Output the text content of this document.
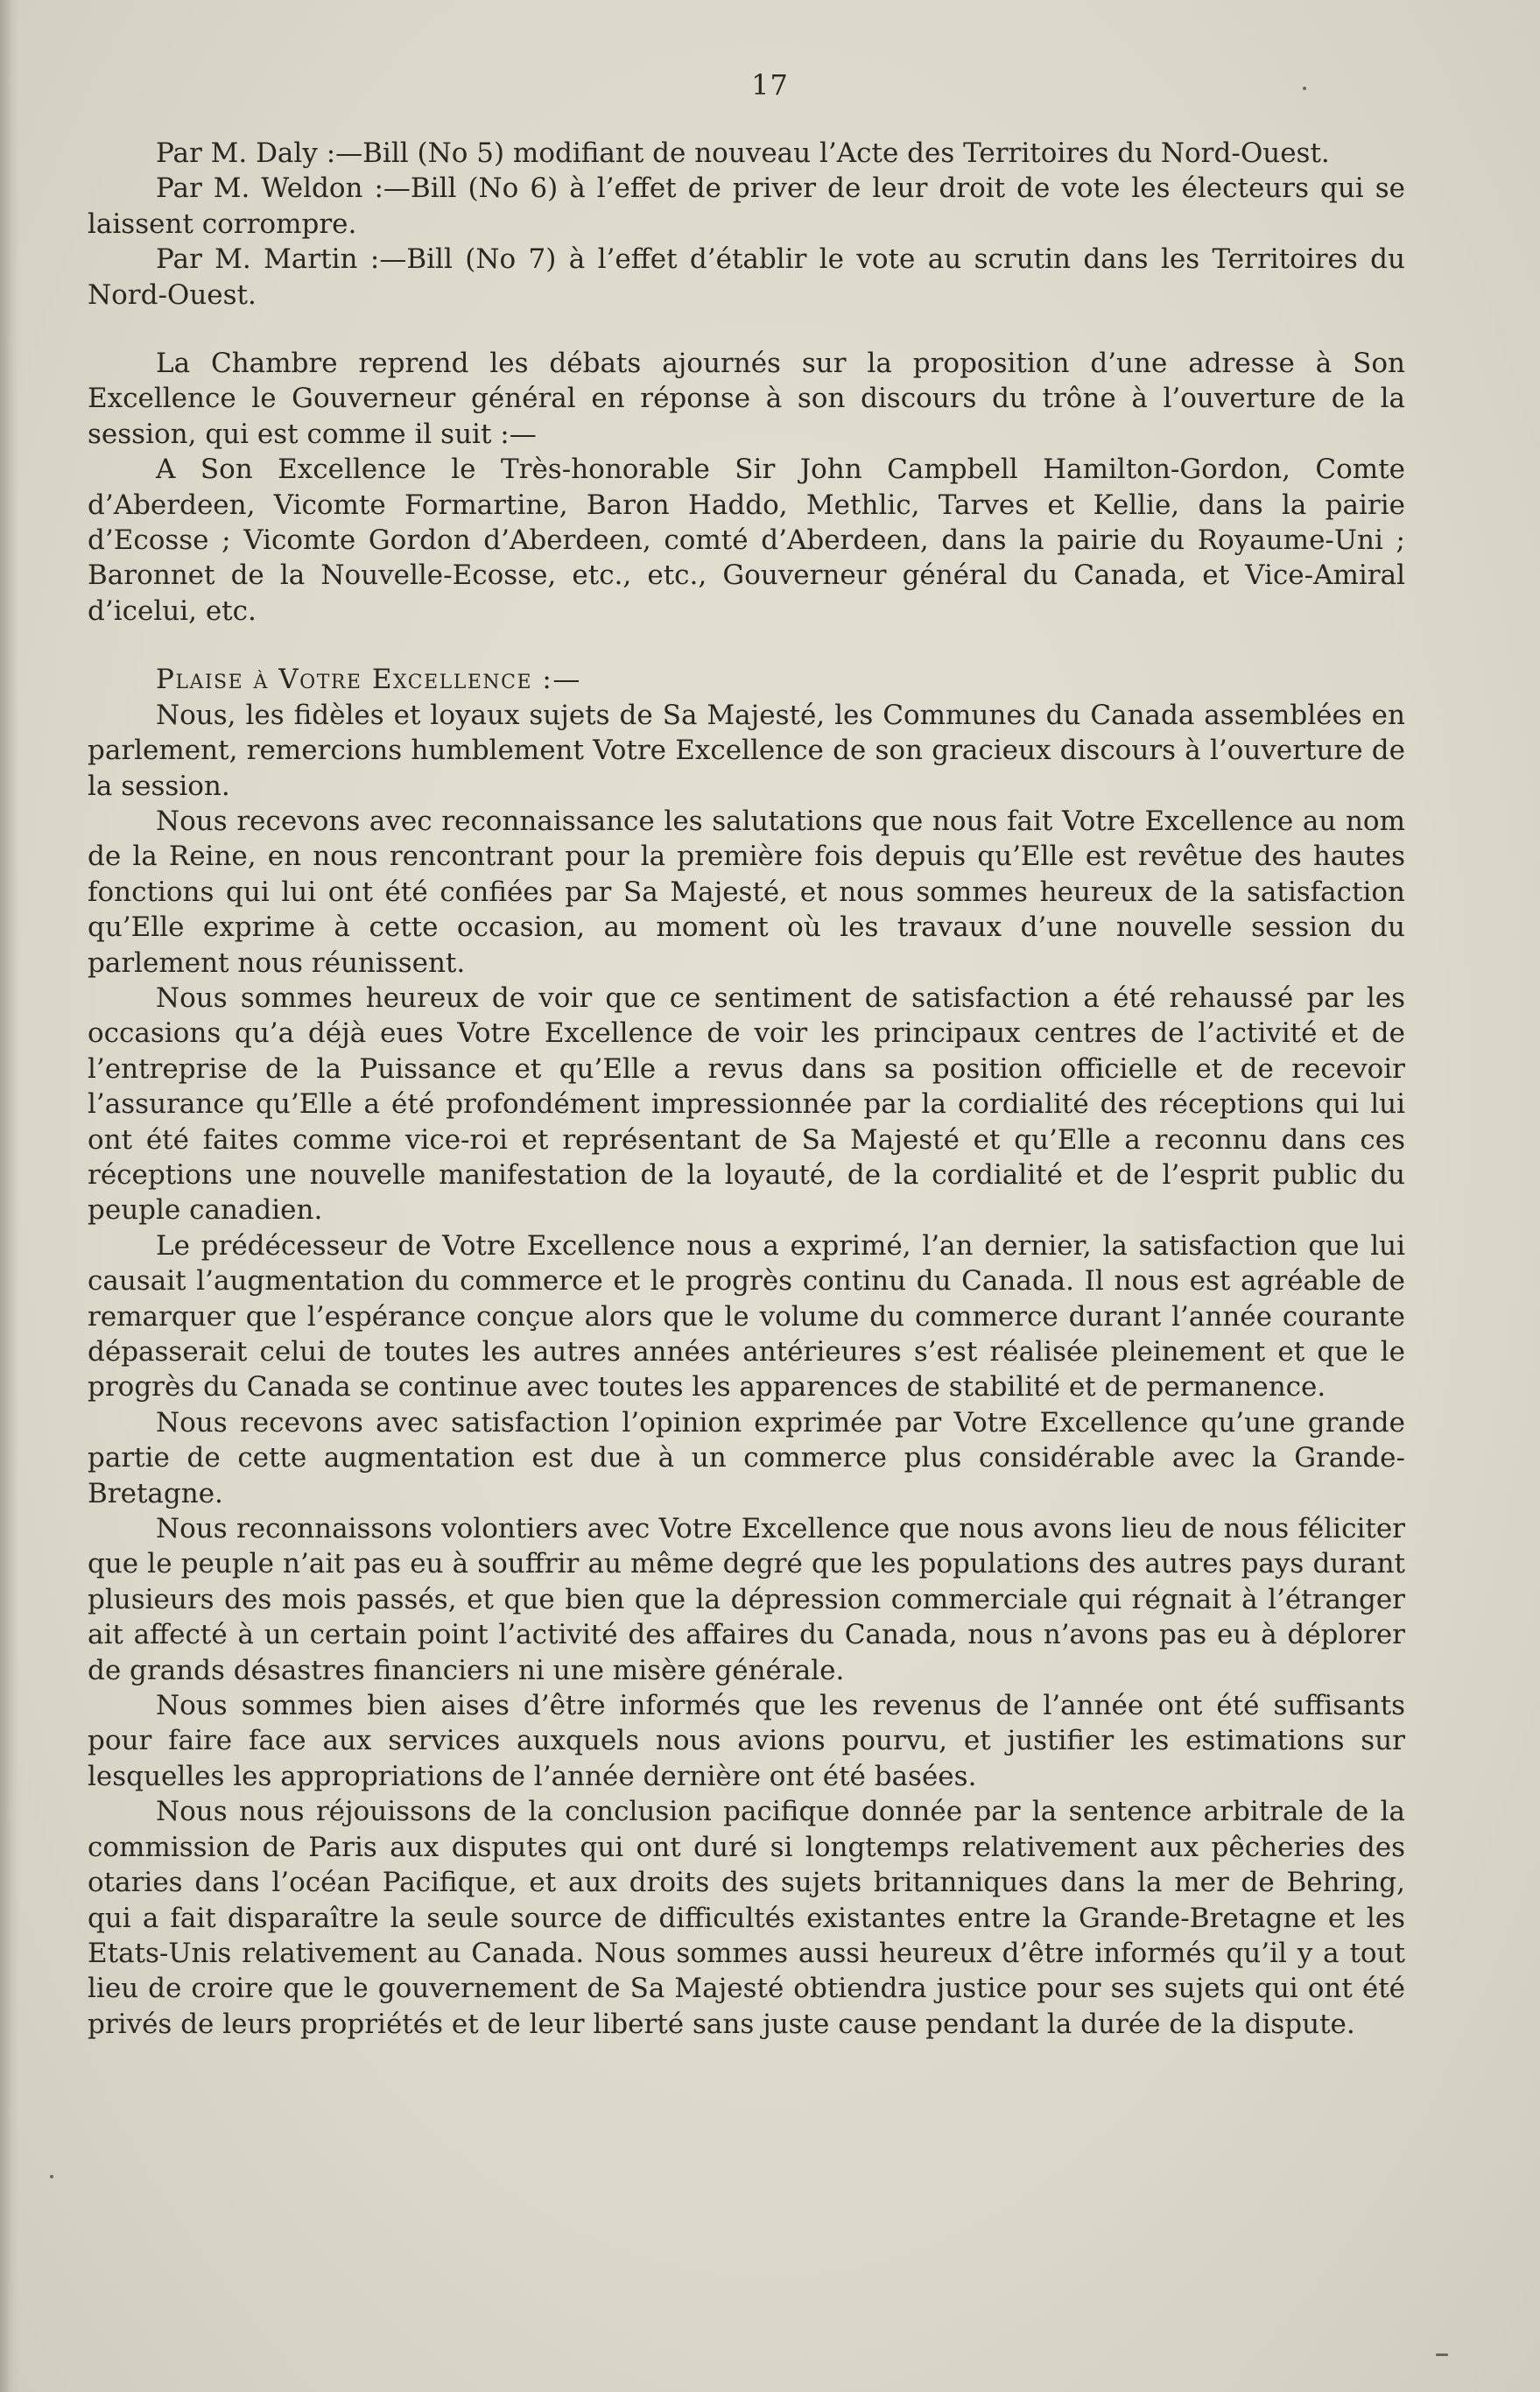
17

Par M. Daly :—Bill (No 5) modifiant de nouveau l’Acte des Territoires du Nord-Ouest.

Par M. Weldon :—Bill (No 6) à l’effet de priver de leur droit de vote les électeurs qui se laissent corrompre.

Par M. Martin :—Bill (No 7) à l’effet d’établir le vote au scrutin dans les Territoires du Nord-Ouest.

La Chambre reprend les débats ajournés sur la proposition d’une adresse à Son Excellence le Gouverneur général en réponse à son discours du trône à l’ouverture de la session, qui est comme il suit :—

A Son Excellence le Très-honorable Sir John Campbell Hamilton-Gordon, Comte d’Aberdeen, Vicomte Formartine, Baron Haddo, Methlic, Tarves et Kellie, dans la pairie d’Ecosse ; Vicomte Gordon d’Aberdeen, comté d’Aberdeen, dans la pairie du Royaume-Uni ; Baronnet de la Nouvelle-Ecosse, etc., etc., Gouverneur général du Canada, et Vice-Amiral d’icelui, etc.

Plaise à Votre Excellence :—

Nous, les fidèles et loyaux sujets de Sa Majesté, les Communes du Canada assemblées en parlement, remercions humblement Votre Excellence de son gracieux discours à l’ouverture de la session.

Nous recevons avec reconnaissance les salutations que nous fait Votre Excellence au nom de la Reine, en nous rencontrant pour la première fois depuis qu’Elle est revêtue des hautes fonctions qui lui ont été confiées par Sa Majesté, et nous sommes heureux de la satisfaction qu’Elle exprime à cette occasion, au moment où les travaux d’une nouvelle session du parlement nous réunissent.

Nous sommes heureux de voir que ce sentiment de satisfaction a été rehaussé par les occasions qu’a déjà eues Votre Excellence de voir les principaux centres de l’activité et de l’entreprise de la Puissance et qu’Elle a revus dans sa position officielle et de recevoir l’assurance qu’Elle a été profondément impressionnée par la cordialité des réceptions qui lui ont été faites comme vice-roi et représentant de Sa Majesté et qu’Elle a reconnu dans ces réceptions une nouvelle manifestation de la loyauté, de la cordialité et de l’esprit public du peuple canadien.

Le prédécesseur de Votre Excellence nous a exprimé, l’an dernier, la satisfaction que lui causait l’augmentation du commerce et le progrès continu du Canada. Il nous est agréable de remarquer que l’espérance conçue alors que le volume du commerce durant l’année courante dépasserait celui de toutes les autres années antérieures s’est réalisée pleinement et que le progrès du Canada se continue avec toutes les apparences de stabilité et de permanence.

Nous recevons avec satisfaction l’opinion exprimée par Votre Excellence qu’une grande partie de cette augmentation est due à un commerce plus considérable avec la Grande-Bretagne.

Nous reconnaissons volontiers avec Votre Excellence que nous avons lieu de nous féliciter que le peuple n’ait pas eu à souffrir au même degré que les populations des autres pays durant plusieurs des mois passés, et que bien que la dépression commerciale qui régnait à l’étranger ait affecté à un certain point l’activité des affaires du Canada, nous n’avons pas eu à déplorer de grands désastres financiers ni une misère générale.

Nous sommes bien aises d’être informés que les revenus de l’année ont été suffisants pour faire face aux services auxquels nous avions pourvu, et justifier les estimations sur lesquelles les appropriations de l’année dernière ont été basées.

Nous nous réjouissons de la conclusion pacifique donnée par la sentence arbitrale de la commission de Paris aux disputes qui ont duré si longtemps relativement aux pêcheries des otaries dans l’océan Pacifique, et aux droits des sujets britanniques dans la mer de Behring, qui a fait disparaître la seule source de difficultés existantes entre la Grande-Bretagne et les Etats-Unis relativement au Canada. Nous sommes aussi heureux d’être informés qu’il y a tout lieu de croire que le gouvernement de Sa Majesté obtiendra justice pour ses sujets qui ont été privés de leurs propriétés et de leur liberté sans juste cause pendant la durée de la dispute.
